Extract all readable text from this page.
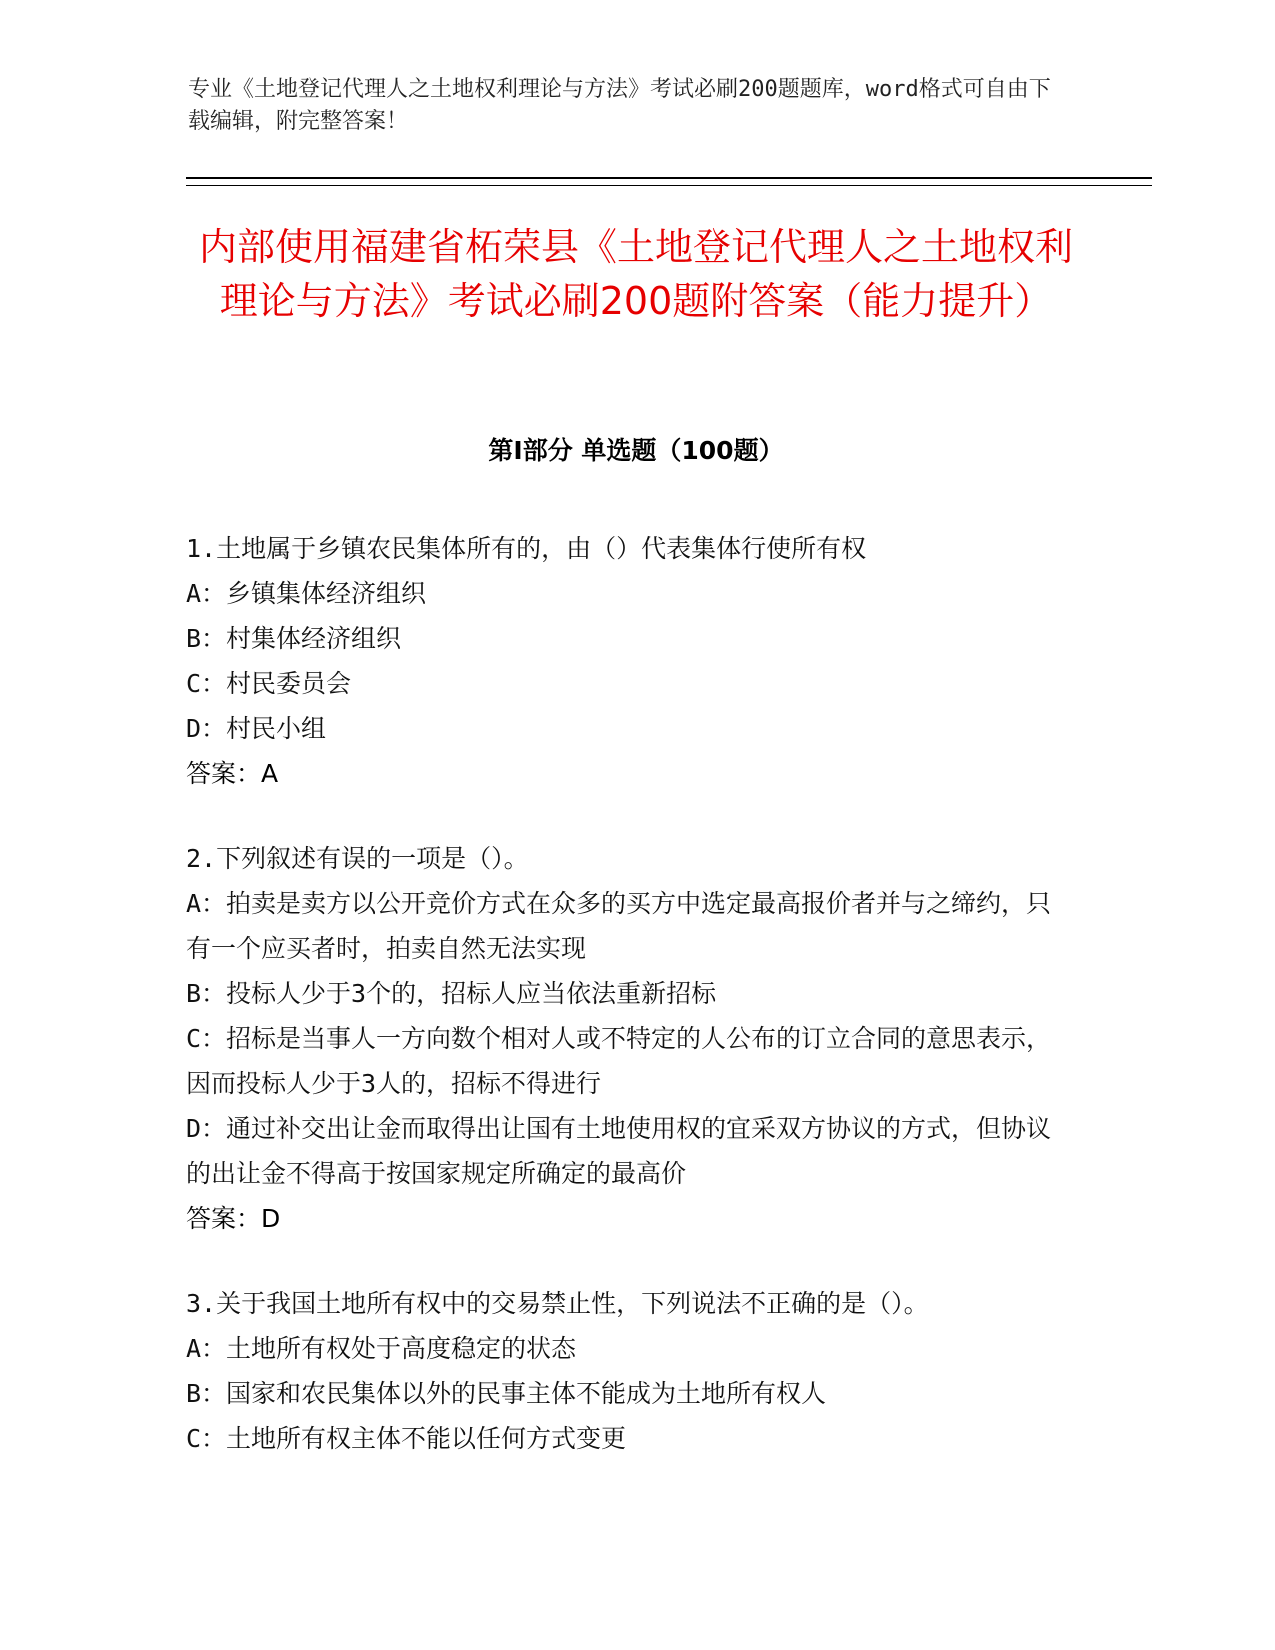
专业《土地登记代理人之土地权利理论与方法》考试必刷200题题库，word格式可自由下载编辑，附完整答案！
内部使用福建省柘荣县《土地登记代理人之土地权利理论与方法》考试必刷200题附答案（能力提升）
第I部分 单选题（100题）
1.土地属于乡镇农民集体所有的，由（）代表集体行使所有权
A：乡镇集体经济组织
B：村集体经济组织
C：村民委员会
D：村民小组
答案：A
2.下列叙述有误的一项是（）。
A：拍卖是卖方以公开竞价方式在众多的买方中选定最高报价者并与之缔约，只有一个应买者时，拍卖自然无法实现
B：投标人少于3个的，招标人应当依法重新招标
C：招标是当事人一方向数个相对人或不特定的人公布的订立合同的意思表示，因而投标人少于3人的，招标不得进行
D：通过补交出让金而取得出让国有土地使用权的宜采双方协议的方式，但协议的出让金不得高于按国家规定所确定的最高价
答案：D
3.关于我国土地所有权中的交易禁止性，下列说法不正确的是（）。
A：土地所有权处于高度稳定的状态
B：国家和农民集体以外的民事主体不能成为土地所有权人
C：土地所有权主体不能以任何方式变更
